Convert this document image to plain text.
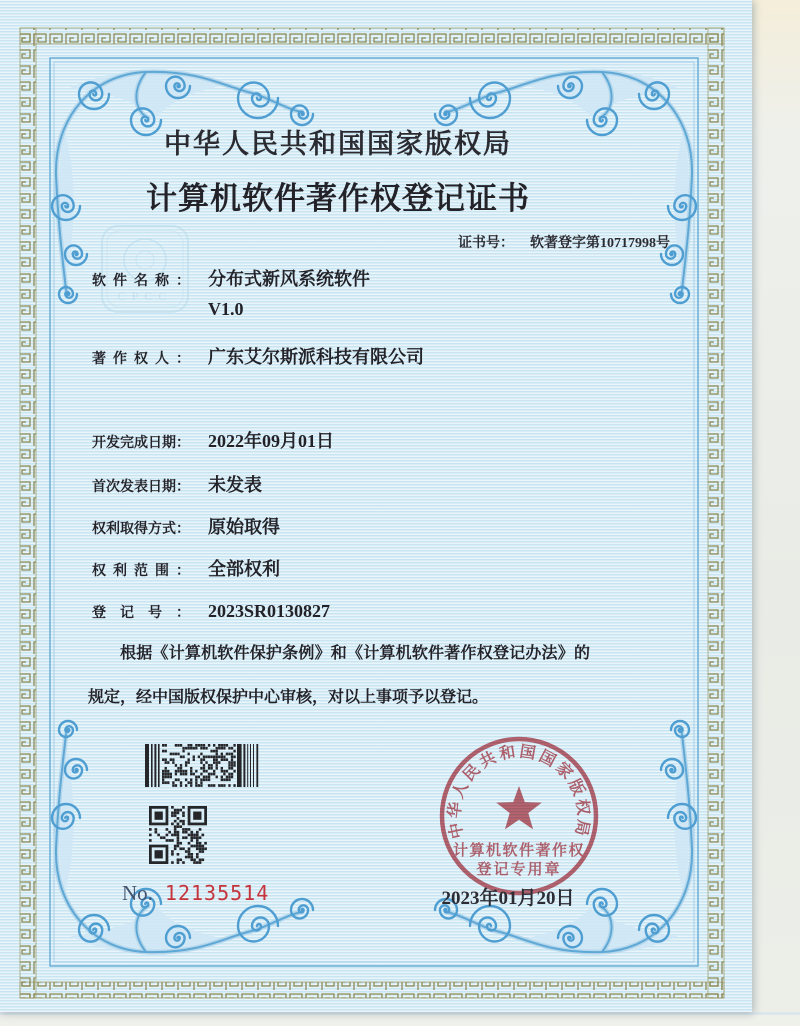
CPCC
中华人民共和国国家版权局
计算机软件著作权登记证书
证书号： 软著登字第10717998号
软件名称： 分布式新风系统软件
V1.0
著作权人： 广东艾尔斯派科技有限公司
开发完成日期： 2022年09月01日
首次发表日期： 未发表
权利取得方式： 原始取得
权利范围： 全部权利
登记号： 2023SR0130827

根据《计算机软件保护条例》和《计算机软件著作权登记办法》的规定，经中国版权保护中心审核，对以上事项予以登记。

No. 12135514
中华人民共和国国家版权局
计算机软件著作权
登记专用章
2023年01月20日
